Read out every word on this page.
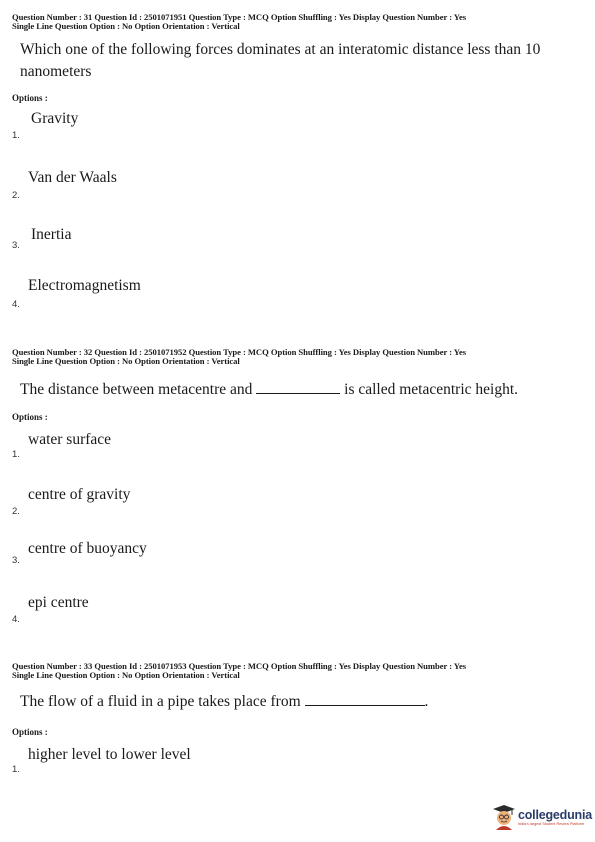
Question Number : 31 Question Id : 2501071951 Question Type : MCQ Option Shuffling : Yes Display Question Number : Yes
Single Line Question Option : No Option Orientation : Vertical
Which one of the following forces dominates at an interatomic distance less than 10
nanometers
Options :
Gravity
1.
Van der Waals
2.
Inertia
3.
Electromagnetism
4.
Question Number : 32 Question Id : 2501071952 Question Type : MCQ Option Shuffling : Yes Display Question Number : Yes
Single Line Question Option : No Option Orientation : Vertical
The distance between metacentre and	is called metacentric height.
Options :
water surface
1.
centre of gravity
2.
centre of buoyancy
3.
epi centre
4.
Question Number : 33 Question Id : 2501071953 Question Type : MCQ Option Shuffling : Yes Display Question Number : Yes
Single Line Question Option : No Option Orientation : Vertical
The flow of a fluid in a pipe takes place from	.
Options :
higher level to lower level
1.
collegedunia
India's largest Student Review Platform
